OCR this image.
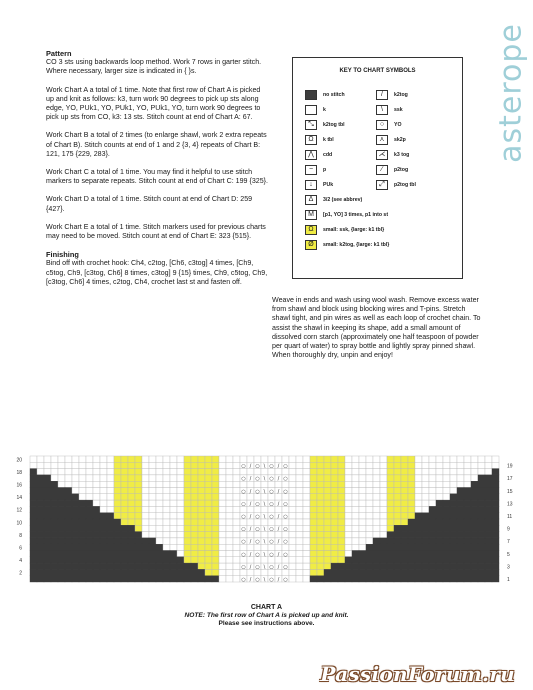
asterope
Pattern

CO 3 sts using backwards loop method. Work 7 rows in garter stitch. Where necessary, larger size is indicated in { }s.

Work Chart A a total of 1 time. Note that first row of Chart A is picked up and knit as follows: k3, turn work 90 degrees to pick up sts along edge, YO, PUk1, YO, PUk1, YO, PUk1, YO, turn work 90 degrees to pick up sts from CO, k3: 13 sts. Stitch count at end of Chart A: 67.

Work Chart B a total of 2 times (to enlarge shawl, work 2 extra repeats of Chart B). Stitch counts at end of 1 and 2 {3, 4} repeats of Chart B: 121, 175 {229, 283}.

Work Chart C a total of 1 time. You may find it helpful to use stitch markers to separate repeats. Stitch count at end of Chart C: 199 {325}.

Work Chart D a total of 1 time. Stitch count at end of Chart D: 259 {427}.

Work Chart E a total of 1 time. Stitch markers used for previous charts may need to be moved. Stitch count at end of Chart E: 323 {515}.

Finishing

Bind off with crochet hook: Ch4, c2tog, [Ch6, c3tog] 4 times, [Ch9, c5tog, Ch9, [c3tog, Ch6] 8 times, c3tog] 9 {15} times, Ch9, c5tog, Ch9, [c3tog, Ch6] 4 times, c2tog, Ch4, crochet last st and fasten off.

KEY TO CHART SYMBOLS
no stitch
k
⤡	k2tog tbl
Ω	k tbl
⋀	cdd
−	p
↓	PUk
Δ	3/2 (see abbrev)
M	[p1, YO] 3 times, p1 into st
Ω	small: ssk, {large: k1 tbl}
Ø	small: k2tog, {large: k1 tbl}
/	k2tog
\	ssk
○	YO
⋏	sk2p
⋌	k3 tog
∕	p2tog
⤢	p2tog tbl

Weave in ends and wash using wool wash. Remove excess water from shawl and block using blocking wires and T-pins. Stretch shawl tight, and pin wires as well as each loop of crochet chain. To assist the shawl in keeping its shape, add a small amount of dissolved corn starch (approximately one half teaspoon of powder per quart of water) to spray bottle and lightly spray pinned shawl. When thoroughly dry, unpin and enjoy!

○ / ○ \ ○ / ○
○ / ○ \ ○ / ○
○ / ○ \ ○ / ○
○ / ○ \ ○ / ○
○ / ○ \ ○ / ○
○ / ○ \ ○ / ○
○ / ○ \ ○ / ○
○ / ○ \ ○ / ○
○ / ○ \ ○ / ○
○ / ○ \ ○ / ○
20
18
16
14
12
10
8
6
4
2
19
17
15
13
11
9
7
5
3
1
CHART A
NOTE: The first row of Chart A is picked up and knit.
Please see instructions above.
PassionForum.ru
